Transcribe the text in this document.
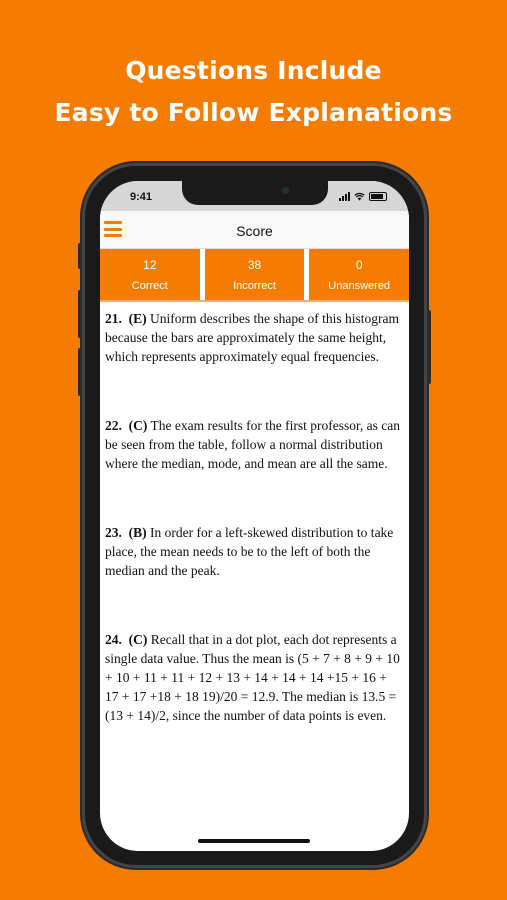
Questions Include
Easy to Follow Explanations
9:41
Score
12
Correct
38
Incorrect
0
Unanswered

21. (E) Uniform describes the shape of this histogram because the bars are approximately the same height, which represents approximately equal frequencies.

22. (C) The exam results for the first professor, as can be seen from the table, follow a normal distribution where the median, mode, and mean are all the same.

23. (B) In order for a left-skewed distribution to take place, the mean needs to be to the left of both the median and the peak.

24. (C) Recall that in a dot plot, each dot represents a single data value. Thus the mean is (5 + 7 + 8 + 9 + 10 + 10 + 11 + 11 + 12 + 13 + 14 + 14 + 14 +15 + 16 + 17 + 17 +18 + 18 19)/20 = 12.9. The median is 13.5 = (13 + 14)/2, since the number of data points is even.
